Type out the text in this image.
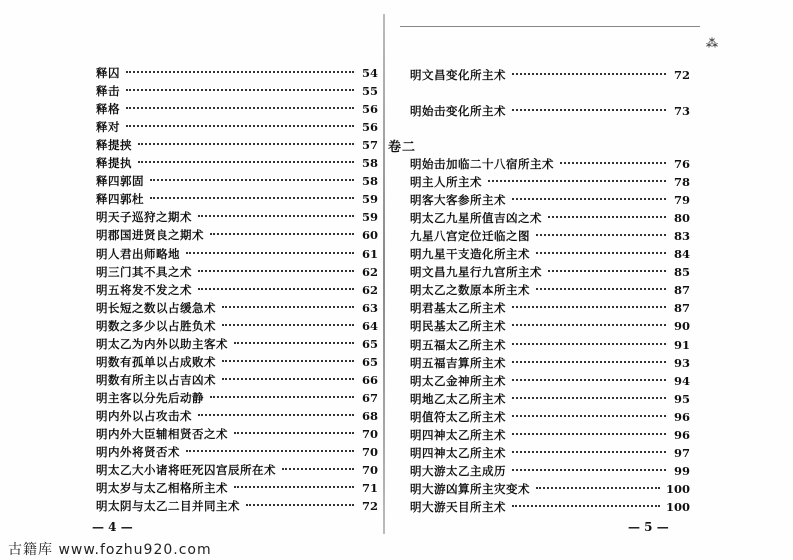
⁂
释囚	54
释击	55
释格	56
释对	56
释提挟	57
释提执	58
释四郭固	58
释四郭杜	59
明天子巡狩之期术	59
明郡国进贤良之期术	60
明人君出师略地	61
明三门其不具之术	62
明五将发不发之术	62
明长短之数以占缓急术	63
明数之多少以占胜负术	64
明太乙为内外以助主客术	65
明数有孤单以占成败术	65
明数有所主以占吉凶术	66
明主客以分先后动静	67
明内外以占攻击术	68
明内外大臣辅相贤否之术	70
明内外将贤否术	70
明太乙大小诸将旺死囚宫辰所在术	70
明太岁与太乙相格所主术	71
明太阴与太乙二目并同主术	72
明文昌变化所主术	72
明始击变化所主术	73
卷二
明始击加临二十八宿所主术	76
明主人所主术	78
明客大客参所主术	79
明太乙九星所值吉凶之术	80
九星八宫定位迁临之图	83
明九星干支造化所主术	84
明文昌九星行九宫所主术	85
明太乙之数原本所主术	87
明君基太乙所主术	87
明民基太乙所主术	90
明五福太乙所主术	91
明五福吉算所主术	93
明太乙金神所主术	94
明地乙太乙所主术	95
明值符太乙所主术	96
明四神太乙所主术	96
明四神太乙所主术	97
明大游太乙主成历	99
明大游凶算所主灾变术	100
明大游天目所主术	100
— 4 —	— 5 —
古籍库 www.fozhu920.com
